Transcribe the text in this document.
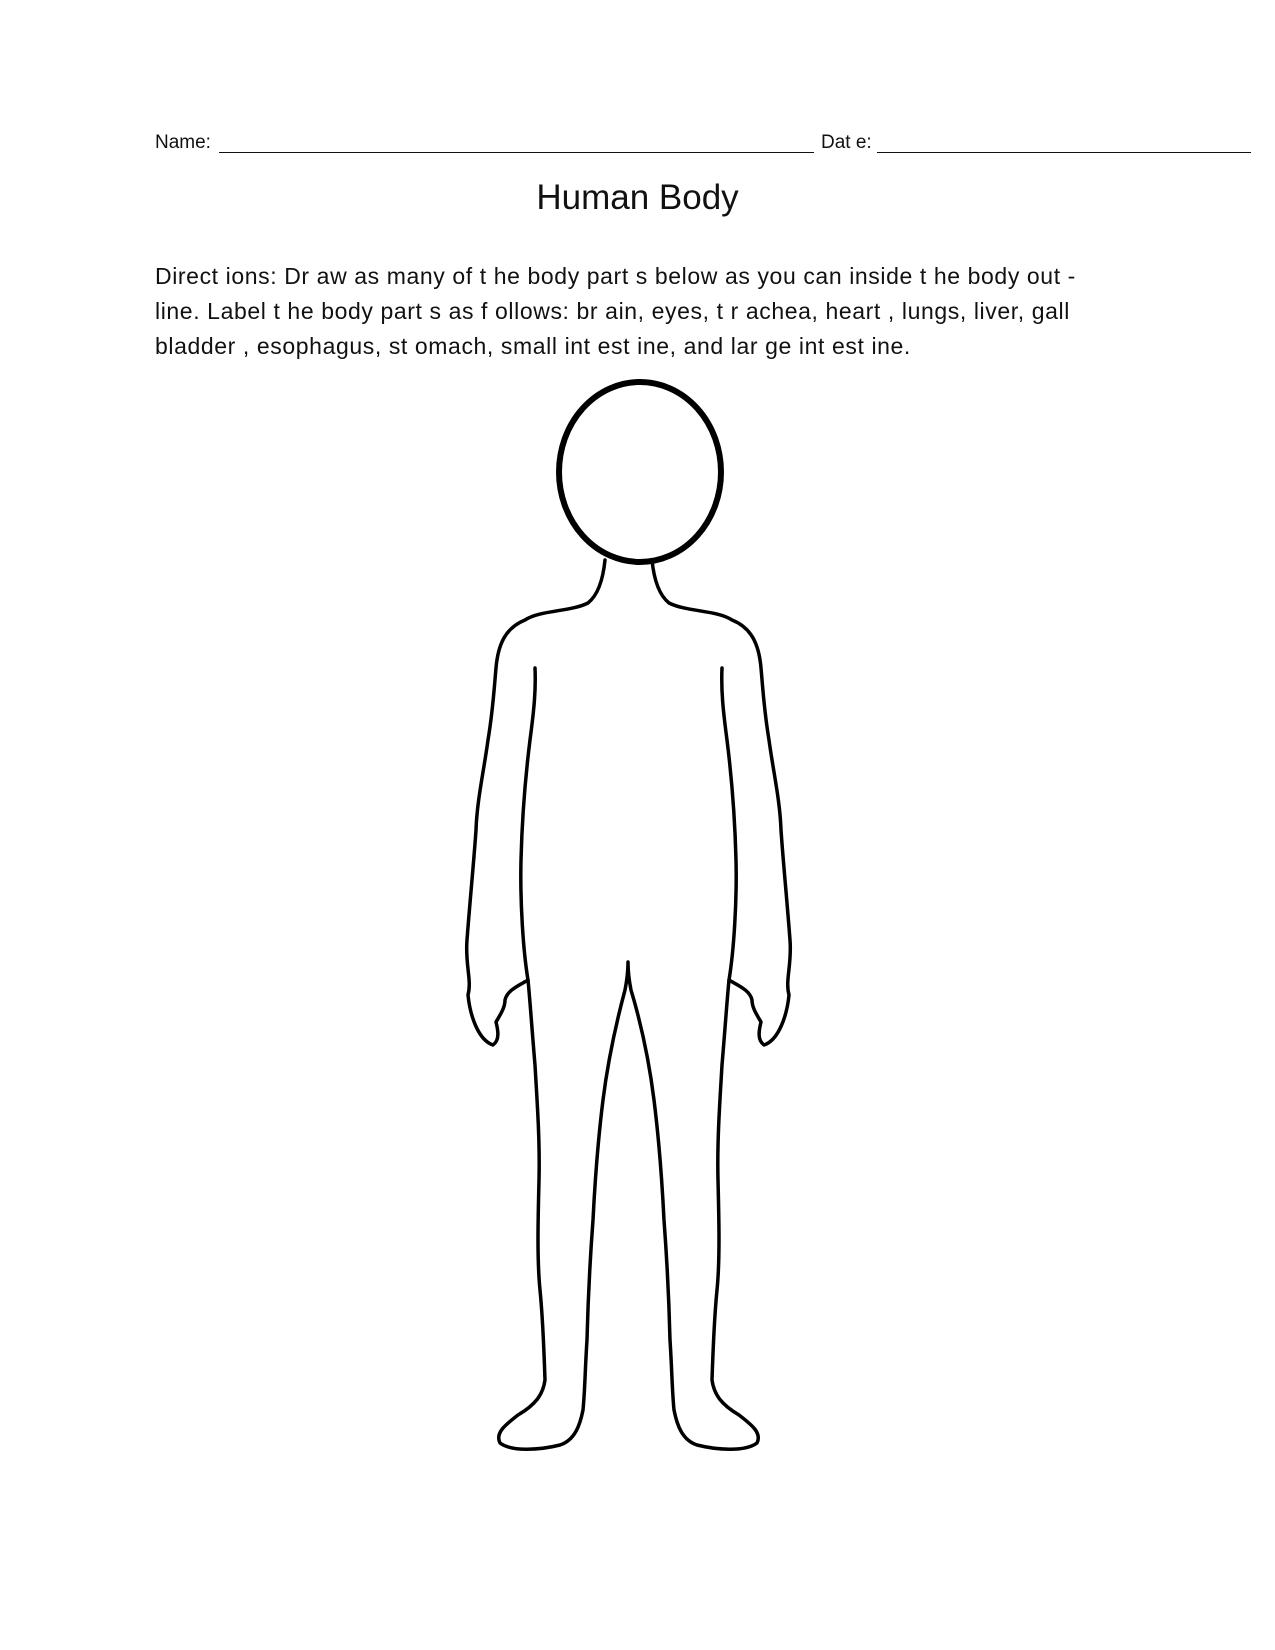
Name:	Dat e:
Human Body
Direct ions: Dr aw as many of t he body part s below as you can inside t he body out -
line. Label t he body part s as f ollows: br ain, eyes, t r achea, heart , lungs, liver, gall
bladder , esophagus, st omach, small int est ine, and lar ge int est ine.
